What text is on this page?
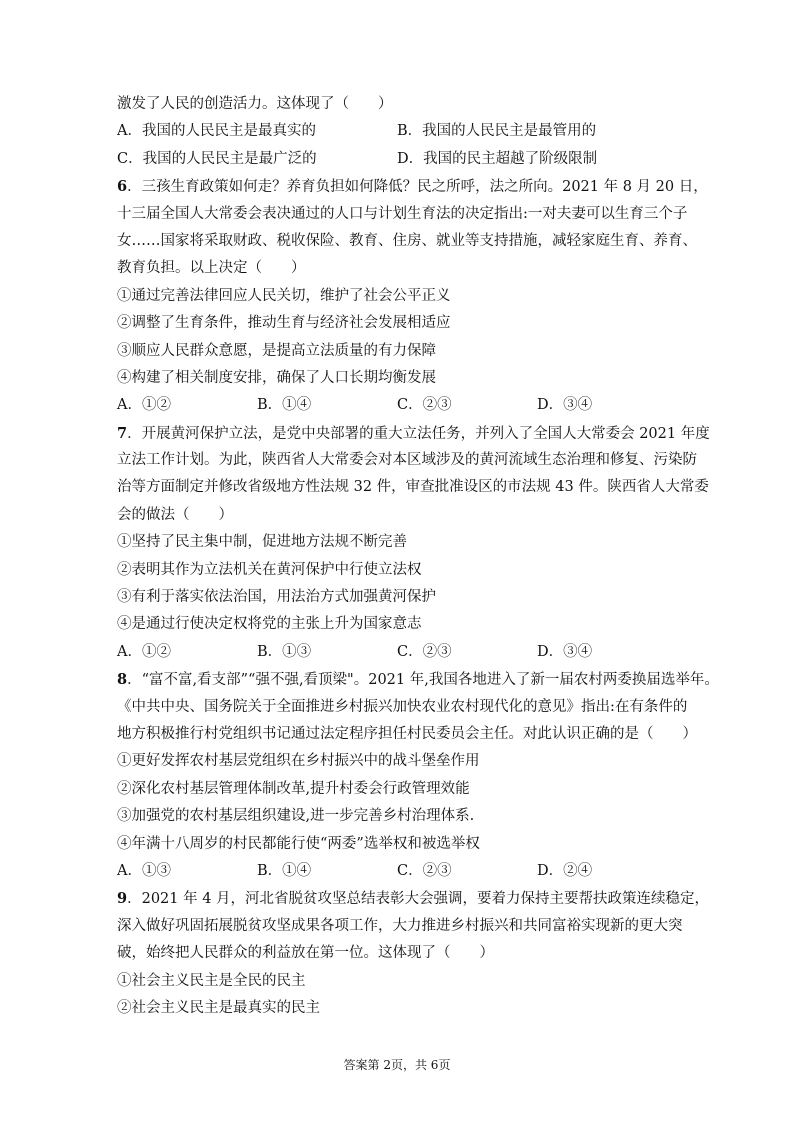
激发了人民的创造活力。这体现了（　　）
A．我国的人民民主是最真实的	B．我国的人民民主是最管用的
C．我国的人民民主是最广泛的	D．我国的民主超越了阶级限制
6．三孩生育政策如何走？养育负担如何降低？民之所呼，法之所向。2021 年 8 月 20 日，
十三届全国人大常委会表决通过的人口与计划生育法的决定指出:一对夫妻可以生育三个子
女……国家将采取财政、税收保险、教育、住房、就业等支持措施，减轻家庭生育、养育、
教育负担。以上决定（　　）
①通过完善法律回应人民关切，维护了社会公平正义
②调整了生育条件，推动生育与经济社会发展相适应
③顺应人民群众意愿，是提高立法质量的有力保障
④构建了相关制度安排，确保了人口长期均衡发展
A．①②	B．①④	C．②③	D．③④
7．开展黄河保护立法，是党中央部署的重大立法任务，并列入了全国人大常委会 2021 年度
立法工作计划。为此，陕西省人大常委会对本区域涉及的黄河流域生态治理和修复、污染防
治等方面制定并修改省级地方性法规 32 件，审查批准设区的市法规 43 件。陕西省人大常委
会的做法（　　）
①坚持了民主集中制，促进地方法规不断完善
②表明其作为立法机关在黄河保护中行使立法权
③有利于落实依法治国，用法治方式加强黄河保护
④是通过行使决定权将党的主张上升为国家意志
A．①②	B．①③	C．②③	D．③④
8．“富不富,看支部”“强不强,看顶梁"。2021 年,我国各地进入了新一届农村两委换届选举年。
《中共中央、国务院关于全面推进乡村振兴加快农业农村现代化的意见》指出:在有条件的
地方积极推行村党组织书记通过法定程序担任村民委员会主任。对此认识正确的是（　　）
①更好发挥农村基层党组织在乡村振兴中的战斗堡垒作用
②深化农村基层管理体制改革,提升村委会行政管理效能
③加强党的农村基层组织建设,进一步完善乡村治理体系.
④年满十八周岁的村民都能行使“两委”选举权和被选举权
A．①③	B．①④	C．②③	D．②④
9．2021 年 4 月，河北省脱贫攻坚总结表彰大会强调，要着力保持主要帮扶政策连续稳定，
深入做好巩固拓展脱贫攻坚成果各项工作，大力推进乡村振兴和共同富裕实现新的更大突
破，始终把人民群众的利益放在第一位。这体现了（　　）
①社会主义民主是全民的民主
②社会主义民主是最真实的民主
答案第 2页，共 6页
